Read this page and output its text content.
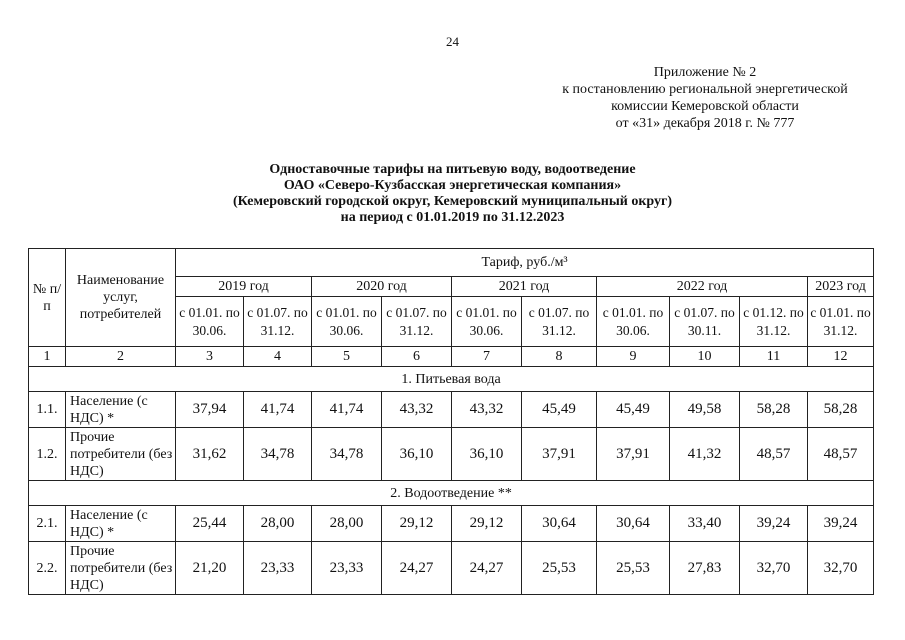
24
Приложение № 2
к постановлению региональной энергетической
комиссии Кемеровской области
от «31» декабря 2018 г. № 777
Одноставочные тарифы на питьевую воду, водоотведение
ОАО «Северо-Кузбасская энергетическая компания»
(Кемеровский городской округ, Кемеровский муниципальный округ)
на период с 01.01.2019 по 31.12.2023
№ п/п	Наименование услуг, потребителей	Тариф, руб./м³									
		2019 год		2020 год		2021 год		2022 год			2023 год
		с 01.01. по 30.06.	с 01.07. по 31.12.	с 01.01. по 30.06.	с 01.07. по 31.12.	с 01.01. по 30.06.	с 01.07. по 31.12.	с 01.01. по 30.06.	с 01.07. по 30.11.	с 01.12. по 31.12.	с 01.01. по 31.12.
1	2	3	4	5	6	7	8	9	10	11	12
1. Питьевая вода											
1.1.	Население (с НДС) *	37,94	41,74	41,74	43,32	43,32	45,49	45,49	49,58	58,28	58,28
1.2.	Прочие потребители (без НДС)	31,62	34,78	34,78	36,10	36,10	37,91	37,91	41,32	48,57	48,57
2. Водоотведение **											
2.1.	Население (с НДС) *	25,44	28,00	28,00	29,12	29,12	30,64	30,64	33,40	39,24	39,24
2.2.	Прочие потребители (без НДС)	21,20	23,33	23,33	24,27	24,27	25,53	25,53	27,83	32,70	32,70
